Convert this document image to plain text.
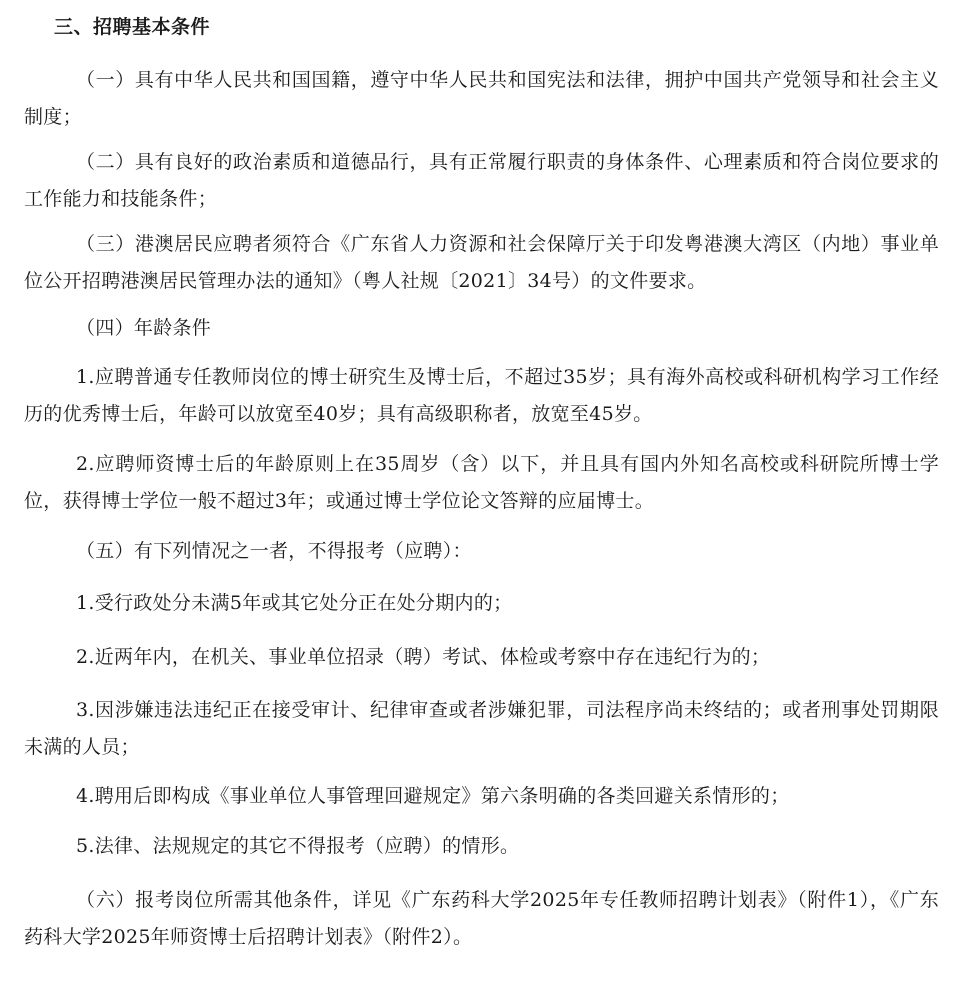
三、招聘基本条件

（一）具有中华人民共和国国籍，遵守中华人民共和国宪法和法律，拥护中国共产党领导和社会主义制度；

（二）具有良好的政治素质和道德品行，具有正常履行职责的身体条件、心理素质和符合岗位要求的工作能力和技能条件；

（三）港澳居民应聘者须符合《广东省人力资源和社会保障厅关于印发粤港澳大湾区（内地）事业单位公开招聘港澳居民管理办法的通知》（粤人社规〔2021〕34号）的文件要求。

（四）年龄条件

1.应聘普通专任教师岗位的博士研究生及博士后，不超过35岁；具有海外高校或科研机构学习工作经历的优秀博士后，年龄可以放宽至40岁；具有高级职称者，放宽至45岁。

2.应聘师资博士后的年龄原则上在35周岁（含）以下，并且具有国内外知名高校或科研院所博士学位，获得博士学位一般不超过3年；或通过博士学位论文答辩的应届博士。

（五）有下列情况之一者，不得报考（应聘）：

1.受行政处分未满5年或其它处分正在处分期内的；

2.近两年内，在机关、事业单位招录（聘）考试、体检或考察中存在违纪行为的；

3.因涉嫌违法违纪正在接受审计、纪律审查或者涉嫌犯罪，司法程序尚未终结的；或者刑事处罚期限未满的人员；

4.聘用后即构成《事业单位人事管理回避规定》第六条明确的各类回避关系情形的；

5.法律、法规规定的其它不得报考（应聘）的情形。

（六）报考岗位所需其他条件，详见《广东药科大学2025年专任教师招聘计划表》（附件1），《广东药科大学2025年师资博士后招聘计划表》（附件2）。
